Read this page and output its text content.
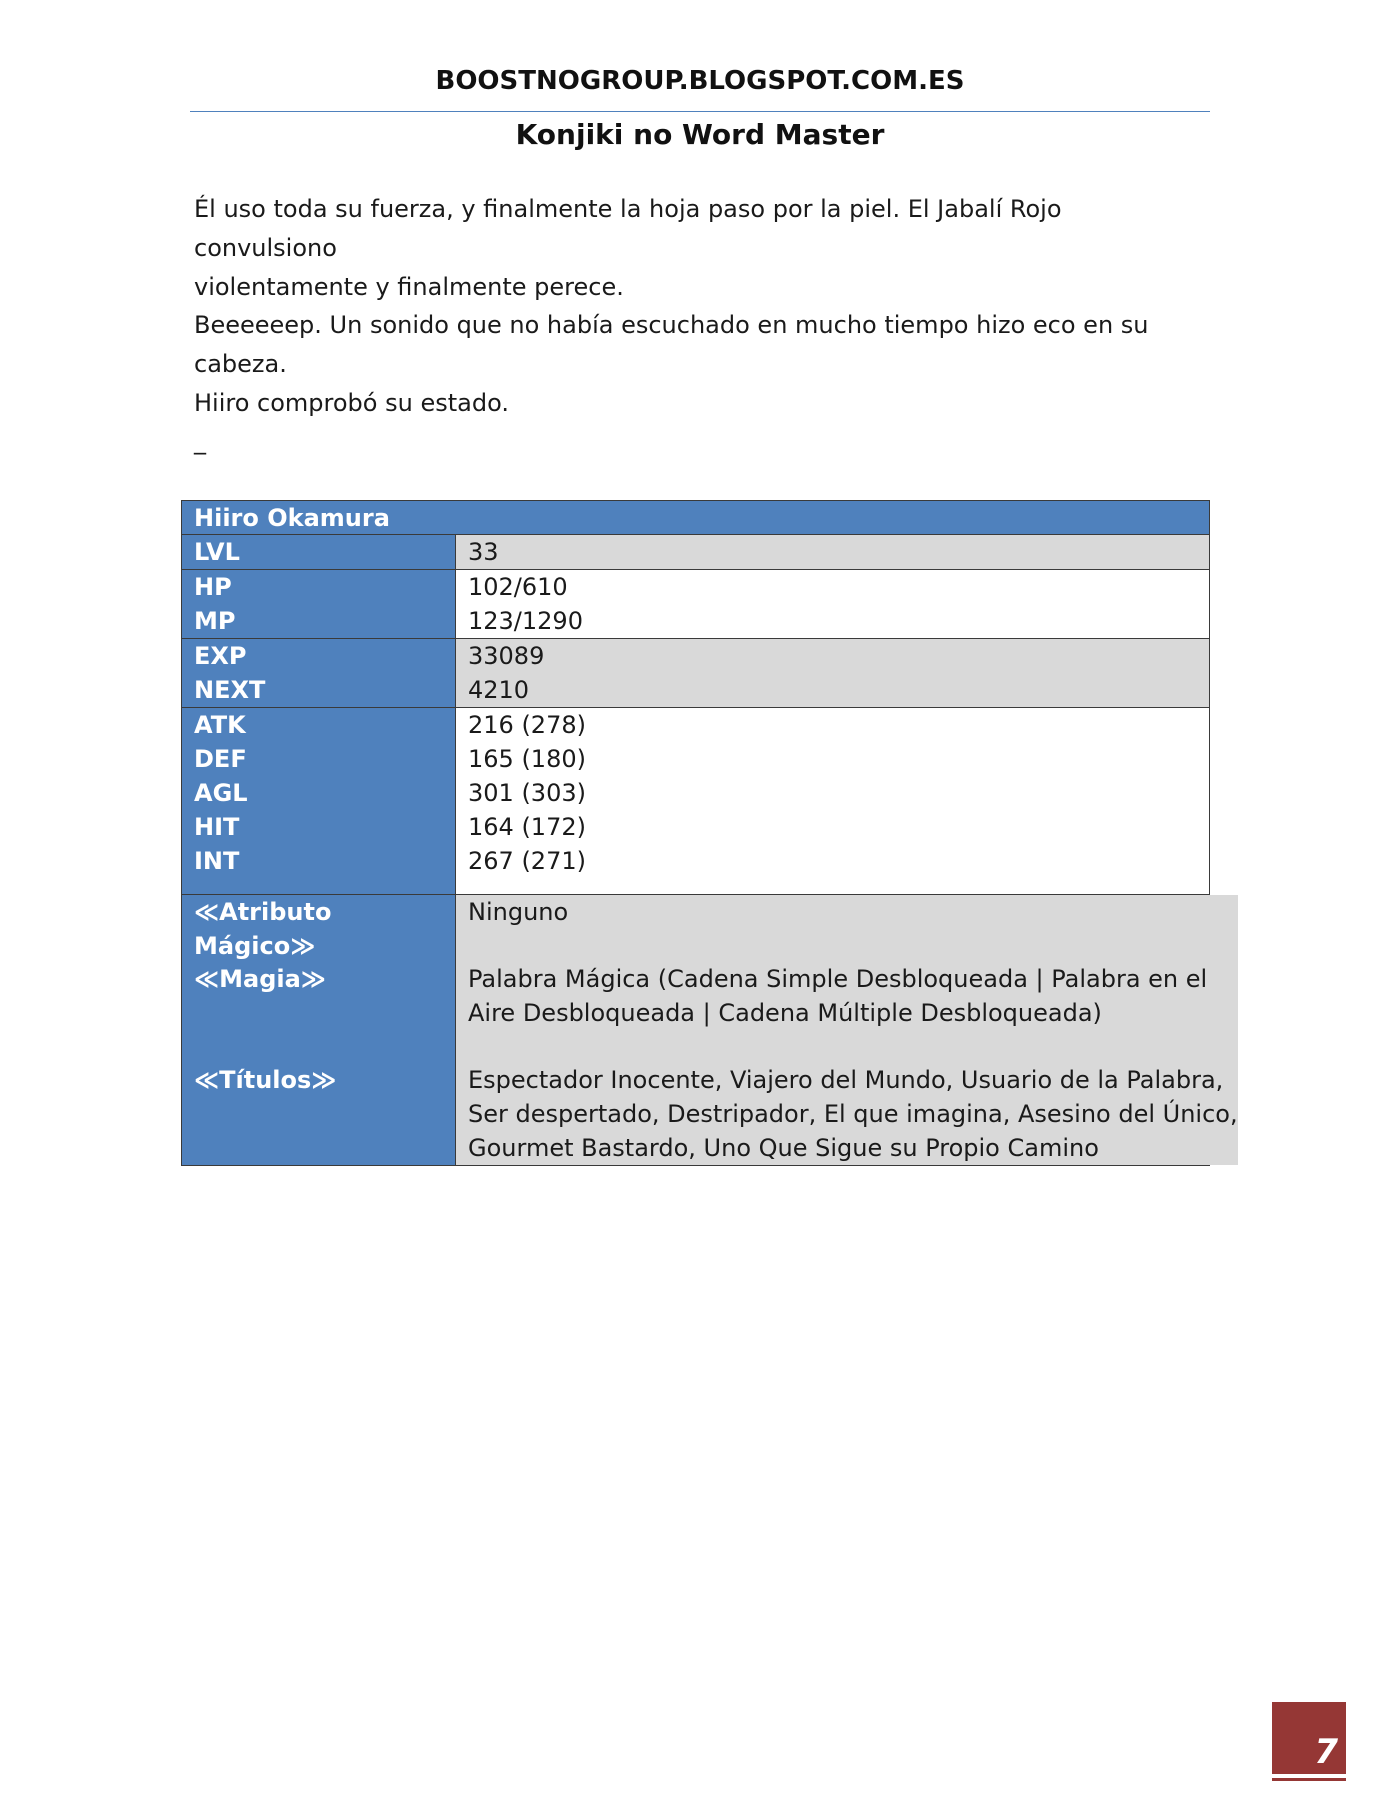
BOOSTNOGROUP.BLOGSPOT.COM.ES
Konjiki no Word Master
Él uso toda su fuerza, y finalmente la hoja paso por la piel. El Jabalí Rojo convulsiono
violentamente y finalmente perece.
Beeeeeep. Un sonido que no había escuchado en mucho tiempo hizo eco en su cabeza.
Hiiro comprobó su estado.
_
Hiiro Okamura
LVL	33
HP
MP
102/610
123/1290
EXP
NEXT
33089
4210
ATK
DEF
AGL
HIT
INT
216 (278)
165 (180)
301 (303)
164 (172)
267 (271)
≪Atributo Mágico≫
≪Magia≫
≪Títulos≫
Ninguno
Palabra Mágica (Cadena Simple Desbloqueada | Palabra en el
Aire Desbloqueada | Cadena Múltiple Desbloqueada)
Espectador Inocente, Viajero del Mundo, Usuario de la Palabra,
Ser despertado, Destripador, El que imagina, Asesino del Único,
Gourmet Bastardo, Uno Que Sigue su Propio Camino
7
